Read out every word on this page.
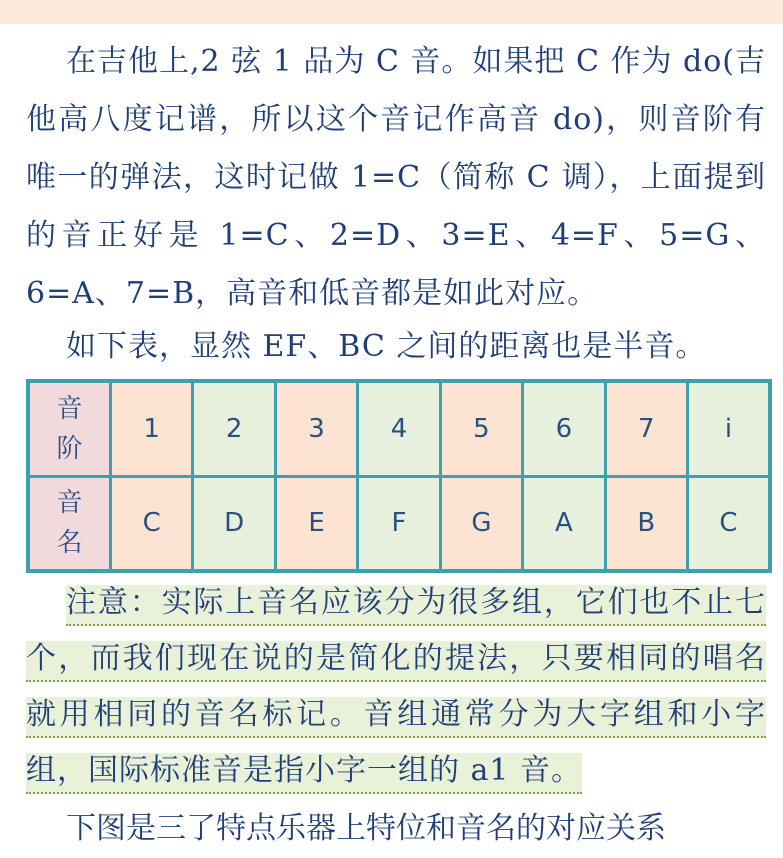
在吉他上,2 弦 1 品为 C 音。如果把 C 作为 do(吉他高八度记谱，所以这个音记作高音 do)，则音阶有唯一的弹法，这时记做 1=C（简称 C 调），上面提到的音正好是 1=C、2=D、3=E、4=F、5=G、6=A、7=B，高音和低音都是如此对应。

如下表，显然 EF、BC 之间的距离也是半音。

音
阶	1	2	3	4	5	6	7	i̇
音
名	C	D	E	F	G	A	B	C

注意：实际上音名应该分为很多组，它们也不止七个，而我们现在说的是简化的提法，只要相同的唱名就用相同的音名标记。音组通常分为大字组和小字组，国际标准音是指小字一组的 a1 音。

下图是三了特点乐器上特位和音名的对应关系
